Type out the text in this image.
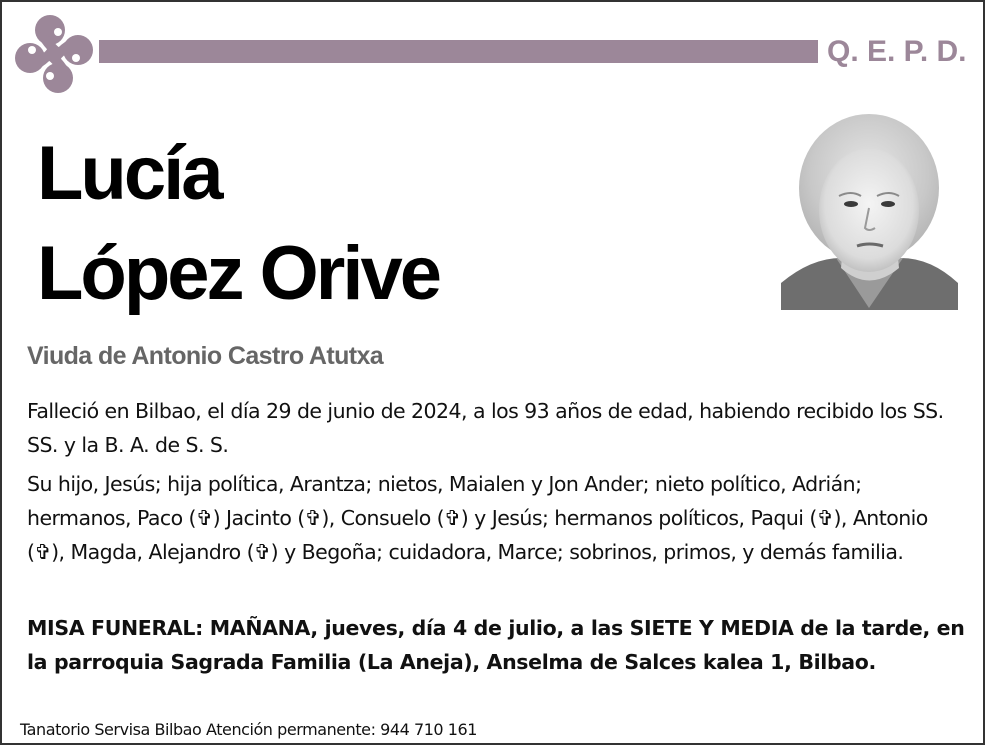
Q. E. P. D.
Lucía
López Orive
Viuda de Antonio Castro Atutxa

Falleció en Bilbao, el día 29 de junio de 2024, a los 93 años de edad, habiendo recibido los SS. SS. y la B. A. de S. S.

Su hijo, Jesús; hija política, Arantza; nietos, Maialen y Jon Ander; nieto político, Adrián; hermanos, Paco (✞) Jacinto (✞), Consuelo (✞) y Jesús; hermanos políticos, Paqui (✞), Antonio (✞), Magda, Alejandro (✞) y Begoña; cuidadora, Marce; sobrinos, primos, y demás familia.

MISA FUNERAL: MAÑANA, jueves, día 4 de julio, a las SIETE Y MEDIA de la tarde, en la parroquia Sagrada Familia (La Aneja), Anselma de Salces kalea 1, Bilbao.

Tanatorio Servisa Bilbao Atención permanente: 944 710 161
